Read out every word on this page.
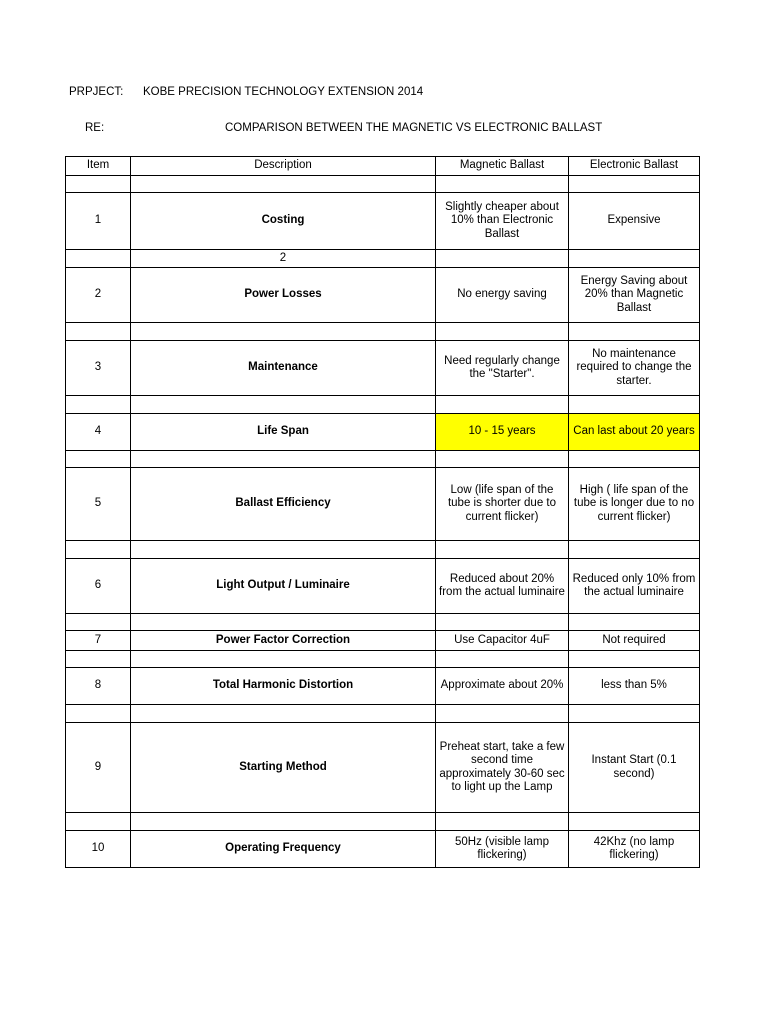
PRPJECT: KOBE PRECISION TECHNOLOGY EXTENSION 2014
RE:	COMPARISON BETWEEN THE MAGNETIC VS ELECTRONIC BALLAST
Item	Description	Magnetic Ballast	Electronic Ballast

1	Costing	Slightly cheaper about 10% than Electronic Ballast	Expensive
	2		
2	Power Losses	No energy saving	Energy Saving about 20% than Magnetic Ballast

3	Maintenance	Need regularly change the "Starter".	No maintenance required to change the starter.

4	Life Span	10 - 15 years	Can last about 20 years

5	Ballast Efficiency	Low (life span of the tube is shorter due to current flicker)	High ( life span of the tube is longer due to no current flicker)

6	Light Output / Luminaire	Reduced about 20% from the actual luminaire	Reduced only 10% from the actual luminaire

7	Power Factor Correction	Use Capacitor 4uF	Not required

8	Total Harmonic Distortion	Approximate about 20%	less than 5%

9	Starting Method	Preheat start, take a few second time approximately 30-60 sec to light up the Lamp	Instant Start (0.1 second)

10	Operating Frequency	50Hz (visible lamp flickering)	42Khz (no lamp flickering)
